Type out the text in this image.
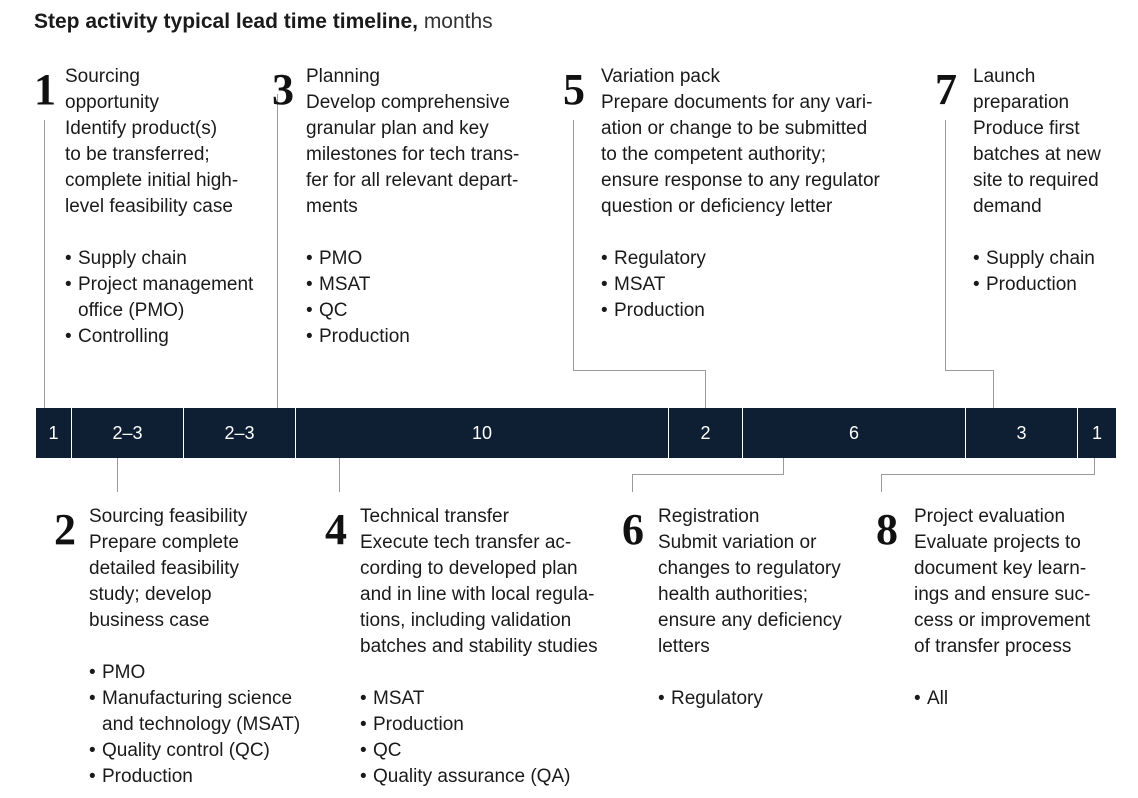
Step activity typical lead time timeline, months
1	2–3	2–3	10	2	6	3	1
1 Sourcing
opportunity

Identify product(s)
to be transferred;
complete initial high-
level feasibility case

• Supply chain
• Project management
office (PMO)
• Controlling
3 Planning

Develop comprehensive
granular plan and key
milestones for tech trans-
fer for all relevant depart-
ments

• PMO
• MSAT
• QC
• Production
5 Variation pack

Prepare documents for any vari-
ation or change to be submitted
to the competent authority;
ensure response to any regulator
question or deficiency letter

• Regulatory
• MSAT
• Production
7 Launch
preparation

Produce first
batches at new
site to required
demand

• Supply chain
• Production
2 Sourcing feasibility

Prepare complete
detailed feasibility
study; develop
business case

• PMO
• Manufacturing science
and technology (MSAT)
• Quality control (QC)
• Production
4 Technical transfer

Execute tech transfer ac-
cording to developed plan
and in line with local regula-
tions, including validation
batches and stability studies

• MSAT
• Production
• QC
• Quality assurance (QA)
6 Registration

Submit variation or
changes to regulatory
health authorities;
ensure any deficiency
letters

• Regulatory
8 Project evaluation

Evaluate projects to
document key learn-
ings and ensure suc-
cess or improvement
of transfer process

• All
